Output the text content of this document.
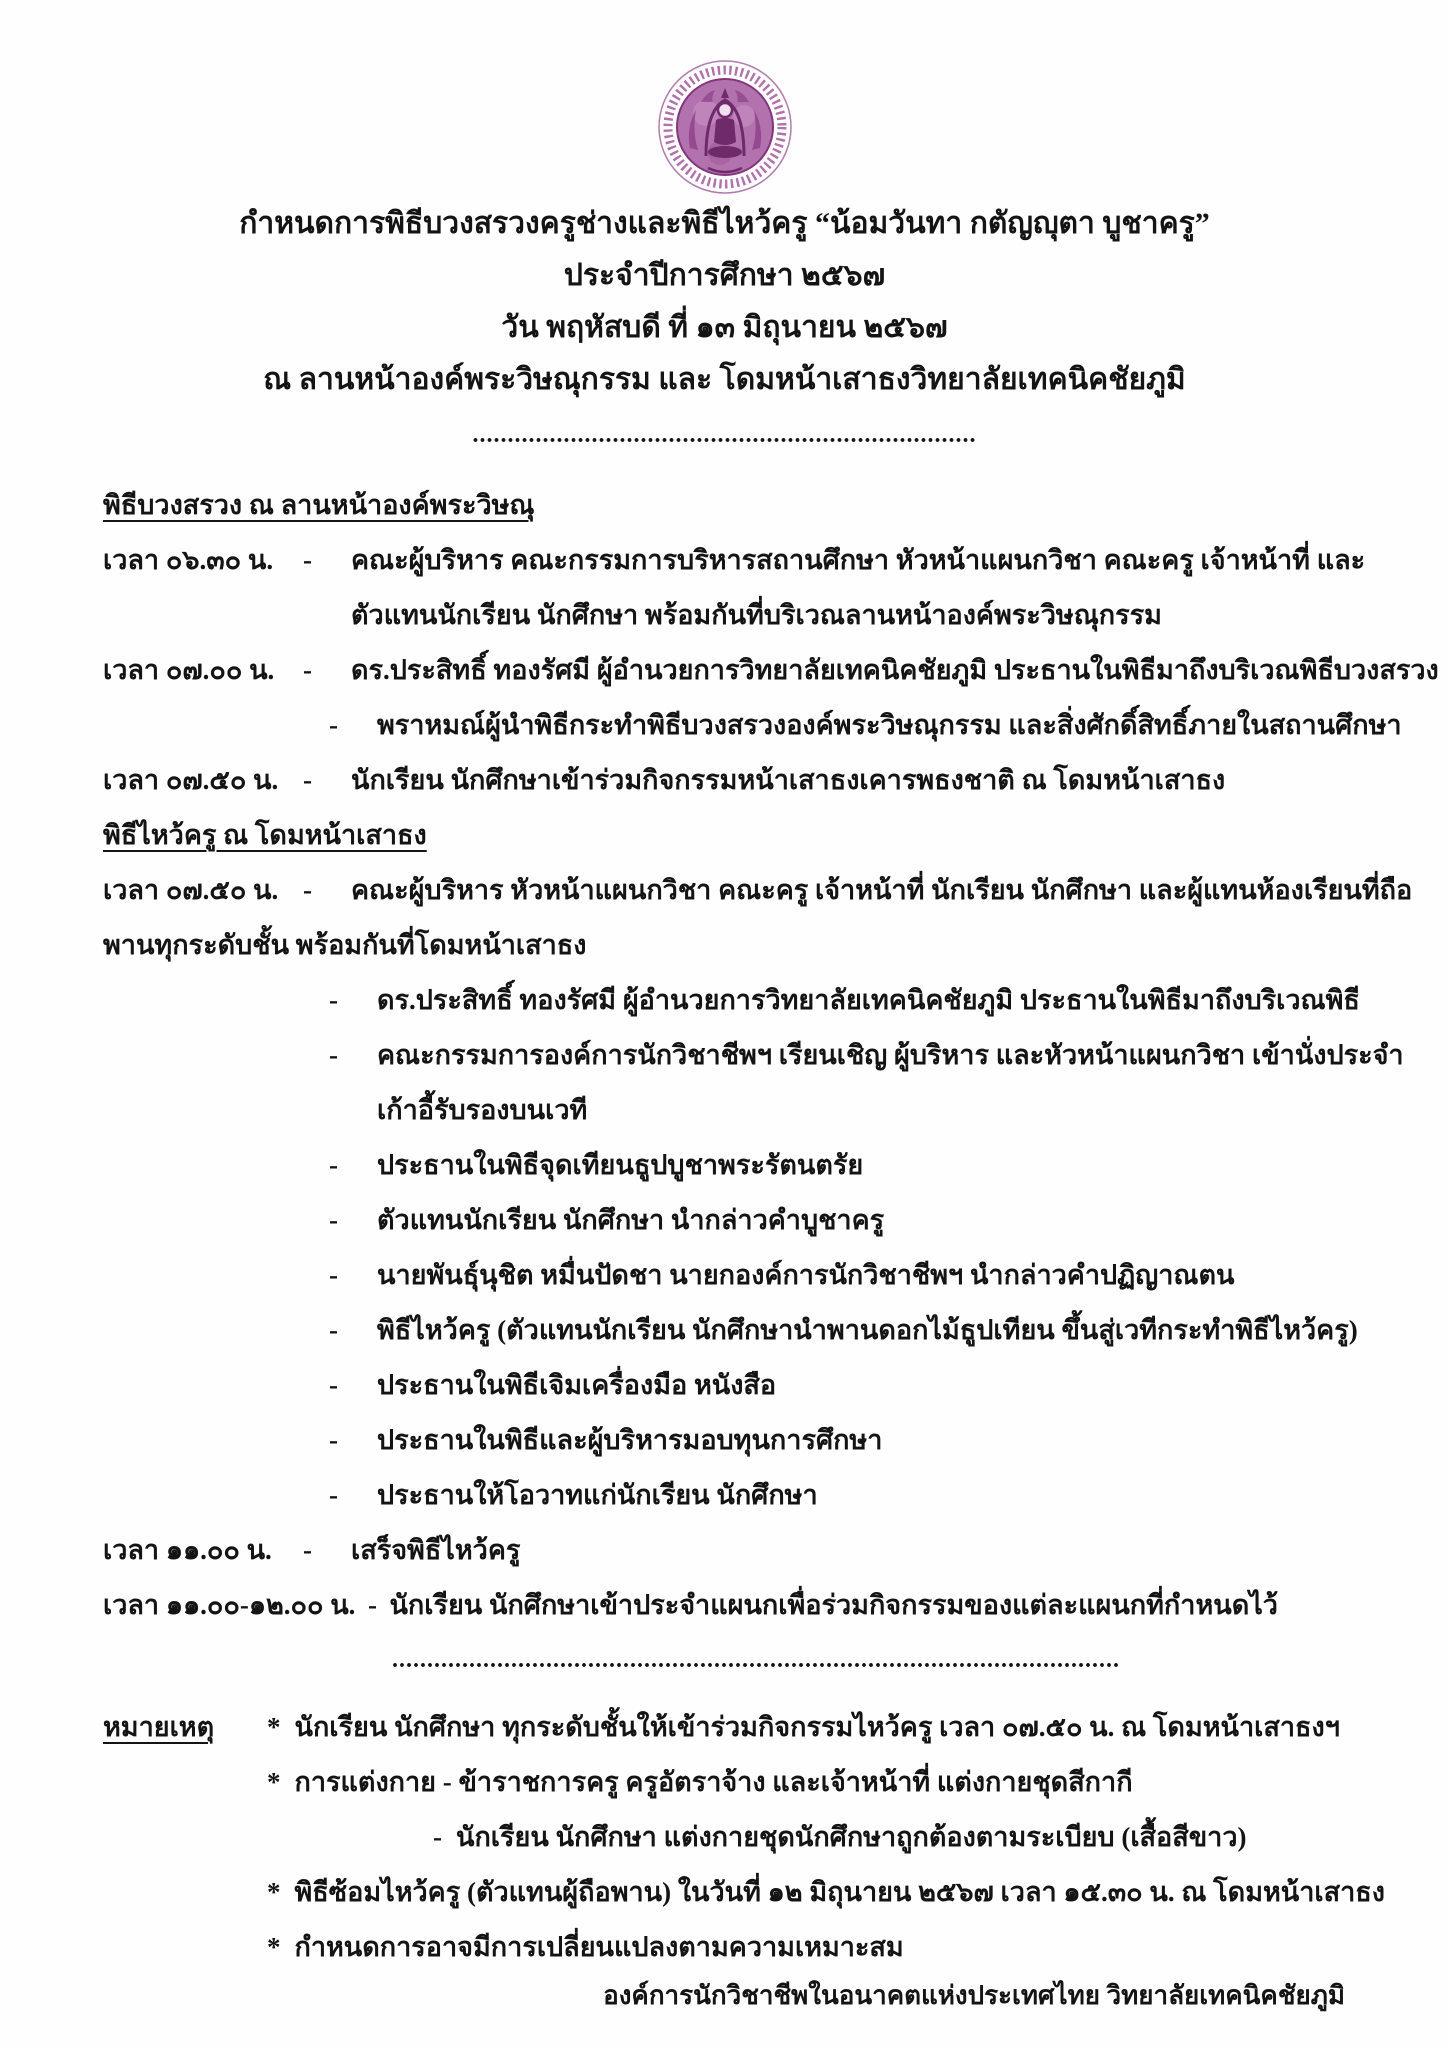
กำหนดการพิธีบวงสรวงครูช่างและพิธีไหว้ครู “น้อมวันทา กตัญญุตา บูชาครู”
ประจำปีการศึกษา ๒๕๖๗
วัน พฤหัสบดี ที่ ๑๓ มิถุนายน ๒๕๖๗
ณ ลานหน้าองค์พระวิษณุกรรม และ โดมหน้าเสาธงวิทยาลัยเทคนิคชัยภูมิ
........................................................................
พิธีบวงสรวง ณ ลานหน้าองค์พระวิษณุ
เวลา ๐๖.๓๐ น. - คณะผู้บริหาร คณะกรรมการบริหารสถานศึกษา หัวหน้าแผนกวิชา คณะครู เจ้าหน้าที่ และ
ตัวแทนนักเรียน นักศึกษา พร้อมกันที่บริเวณลานหน้าองค์พระวิษณุกรรม
เวลา ๐๗.๐๐ น. - ดร.ประสิทธิ์ ทองรัศมี ผู้อำนวยการวิทยาลัยเทคนิคชัยภูมิ ประธานในพิธีมาถึงบริเวณพิธีบวงสรวง
- พราหมณ์ผู้นำพิธีกระทำพิธีบวงสรวงองค์พระวิษณุกรรม และสิ่งศักดิ์สิทธิ์ภายในสถานศึกษา
เวลา ๐๗.๕๐ น. - นักเรียน นักศึกษาเข้าร่วมกิจกรรมหน้าเสาธงเคารพธงชาติ ณ โดมหน้าเสาธง
พิธีไหว้ครู ณ โดมหน้าเสาธง
เวลา ๐๗.๕๐ น. - คณะผู้บริหาร หัวหน้าแผนกวิชา คณะครู เจ้าหน้าที่ นักเรียน นักศึกษา และผู้แทนห้องเรียนที่ถือ
พานทุกระดับชั้น พร้อมกันที่โดมหน้าเสาธง
- ดร.ประสิทธิ์ ทองรัศมี ผู้อำนวยการวิทยาลัยเทคนิคชัยภูมิ ประธานในพิธีมาถึงบริเวณพิธี
- คณะกรรมการองค์การนักวิชาชีพฯ เรียนเชิญ ผู้บริหาร และหัวหน้าแผนกวิชา เข้านั่งประจำ
เก้าอี้รับรองบนเวที
- ประธานในพิธีจุดเทียนธูปบูชาพระรัตนตรัย
- ตัวแทนนักเรียน นักศึกษา นำกล่าวคำบูชาครู
- นายพันธุ์นุชิต หมื่นปัดชา นายกองค์การนักวิชาชีพฯ นำกล่าวคำปฏิญาณตน
- พิธีไหว้ครู (ตัวแทนนักเรียน นักศึกษานำพานดอกไม้ธูปเทียน ขึ้นสู่เวทีกระทำพิธีไหว้ครู)
- ประธานในพิธีเจิมเครื่องมือ หนังสือ
- ประธานในพิธีและผู้บริหารมอบทุนการศึกษา
- ประธานให้โอวาทแก่นักเรียน นักศึกษา
เวลา ๑๑.๐๐ น. - เสร็จพิธีไหว้ครู
เวลา ๑๑.๐๐-๑๒.๐๐ น. - นักเรียน นักศึกษาเข้าประจำแผนกเพื่อร่วมกิจกรรมของแต่ละแผนกที่กำหนดไว้
........................................................................................................
หมายเหตุ	* นักเรียน นักศึกษา ทุกระดับชั้นให้เข้าร่วมกิจกรรมไหว้ครู เวลา ๐๗.๕๐ น. ณ โดมหน้าเสาธงฯ
* การแต่งกาย - ข้าราชการครู ครูอัตราจ้าง และเจ้าหน้าที่ แต่งกายชุดสีกากี
- นักเรียน นักศึกษา แต่งกายชุดนักศึกษาถูกต้องตามระเบียบ (เสื้อสีขาว)
* พิธีซ้อมไหว้ครู (ตัวแทนผู้ถือพาน) ในวันที่ ๑๒ มิถุนายน ๒๕๖๗ เวลา ๑๕.๓๐ น. ณ โดมหน้าเสาธง
* กำหนดการอาจมีการเปลี่ยนแปลงตามความเหมาะสม
องค์การนักวิชาชีพในอนาคตแห่งประเทศไทย วิทยาลัยเทคนิคชัยภูมิ
